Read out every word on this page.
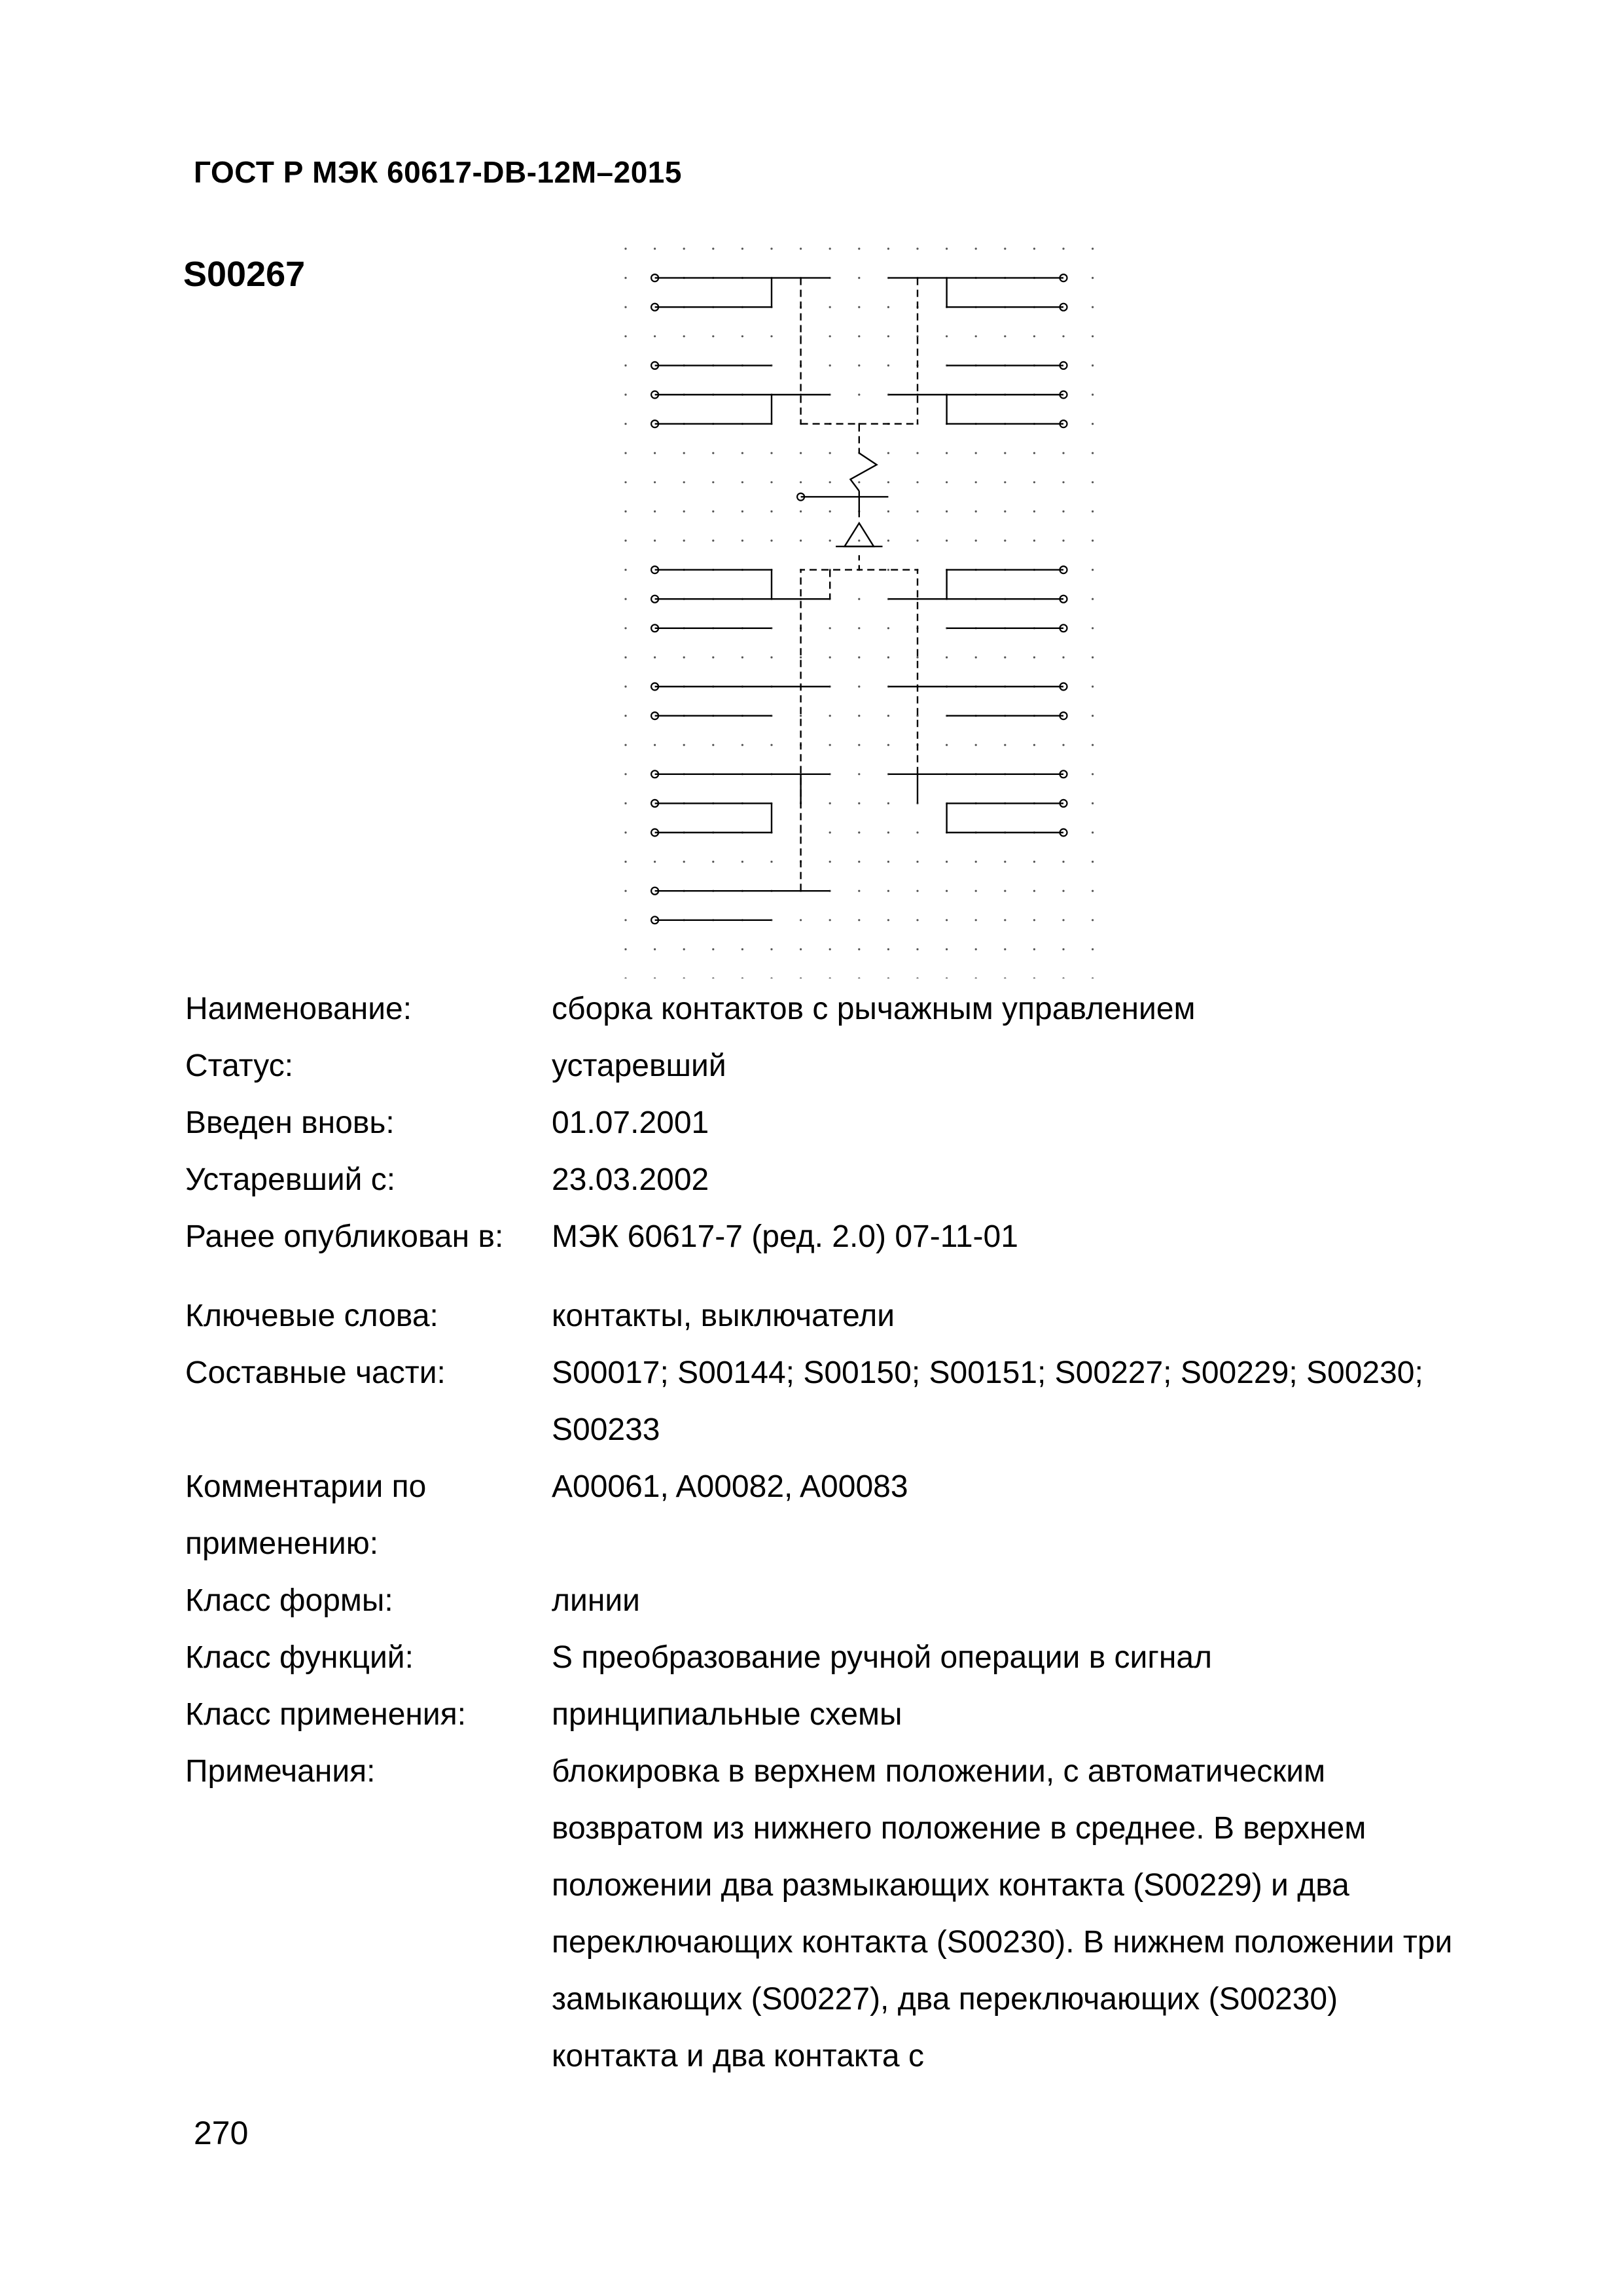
ГОСТ Р МЭК 60617-DB-12M–2015
S00267
Наименование:	сборка контактов с рычажным управлением
Статус:	устаревший
Введен вновь:	01.07.2001
Устаревший с:	23.03.2002
Ранее опубликован в:	МЭК 60617-7 (ред. 2.0) 07-11-01
Ключевые слова:	контакты, выключатели
Составные части:	S00017; S00144; S00150; S00151; S00227; S00229; S00230; S00233
Комментарии по применению:
A00061, A00082, A00083
Класс формы:	линии
Класс функций:	S преобразование ручной операции в сигнал
Класс применения:	принципиальные схемы
Примечания:	блокировка в верхнем положении, с автоматическим возвратом из нижнего положение в среднее. В верхнем положении два размыкающих контакта (S00229) и два переключающих контакта (S00230). В нижнем положении три замыкающих (S00227), два переключающих (S00230) контакта и два контакта с
270
